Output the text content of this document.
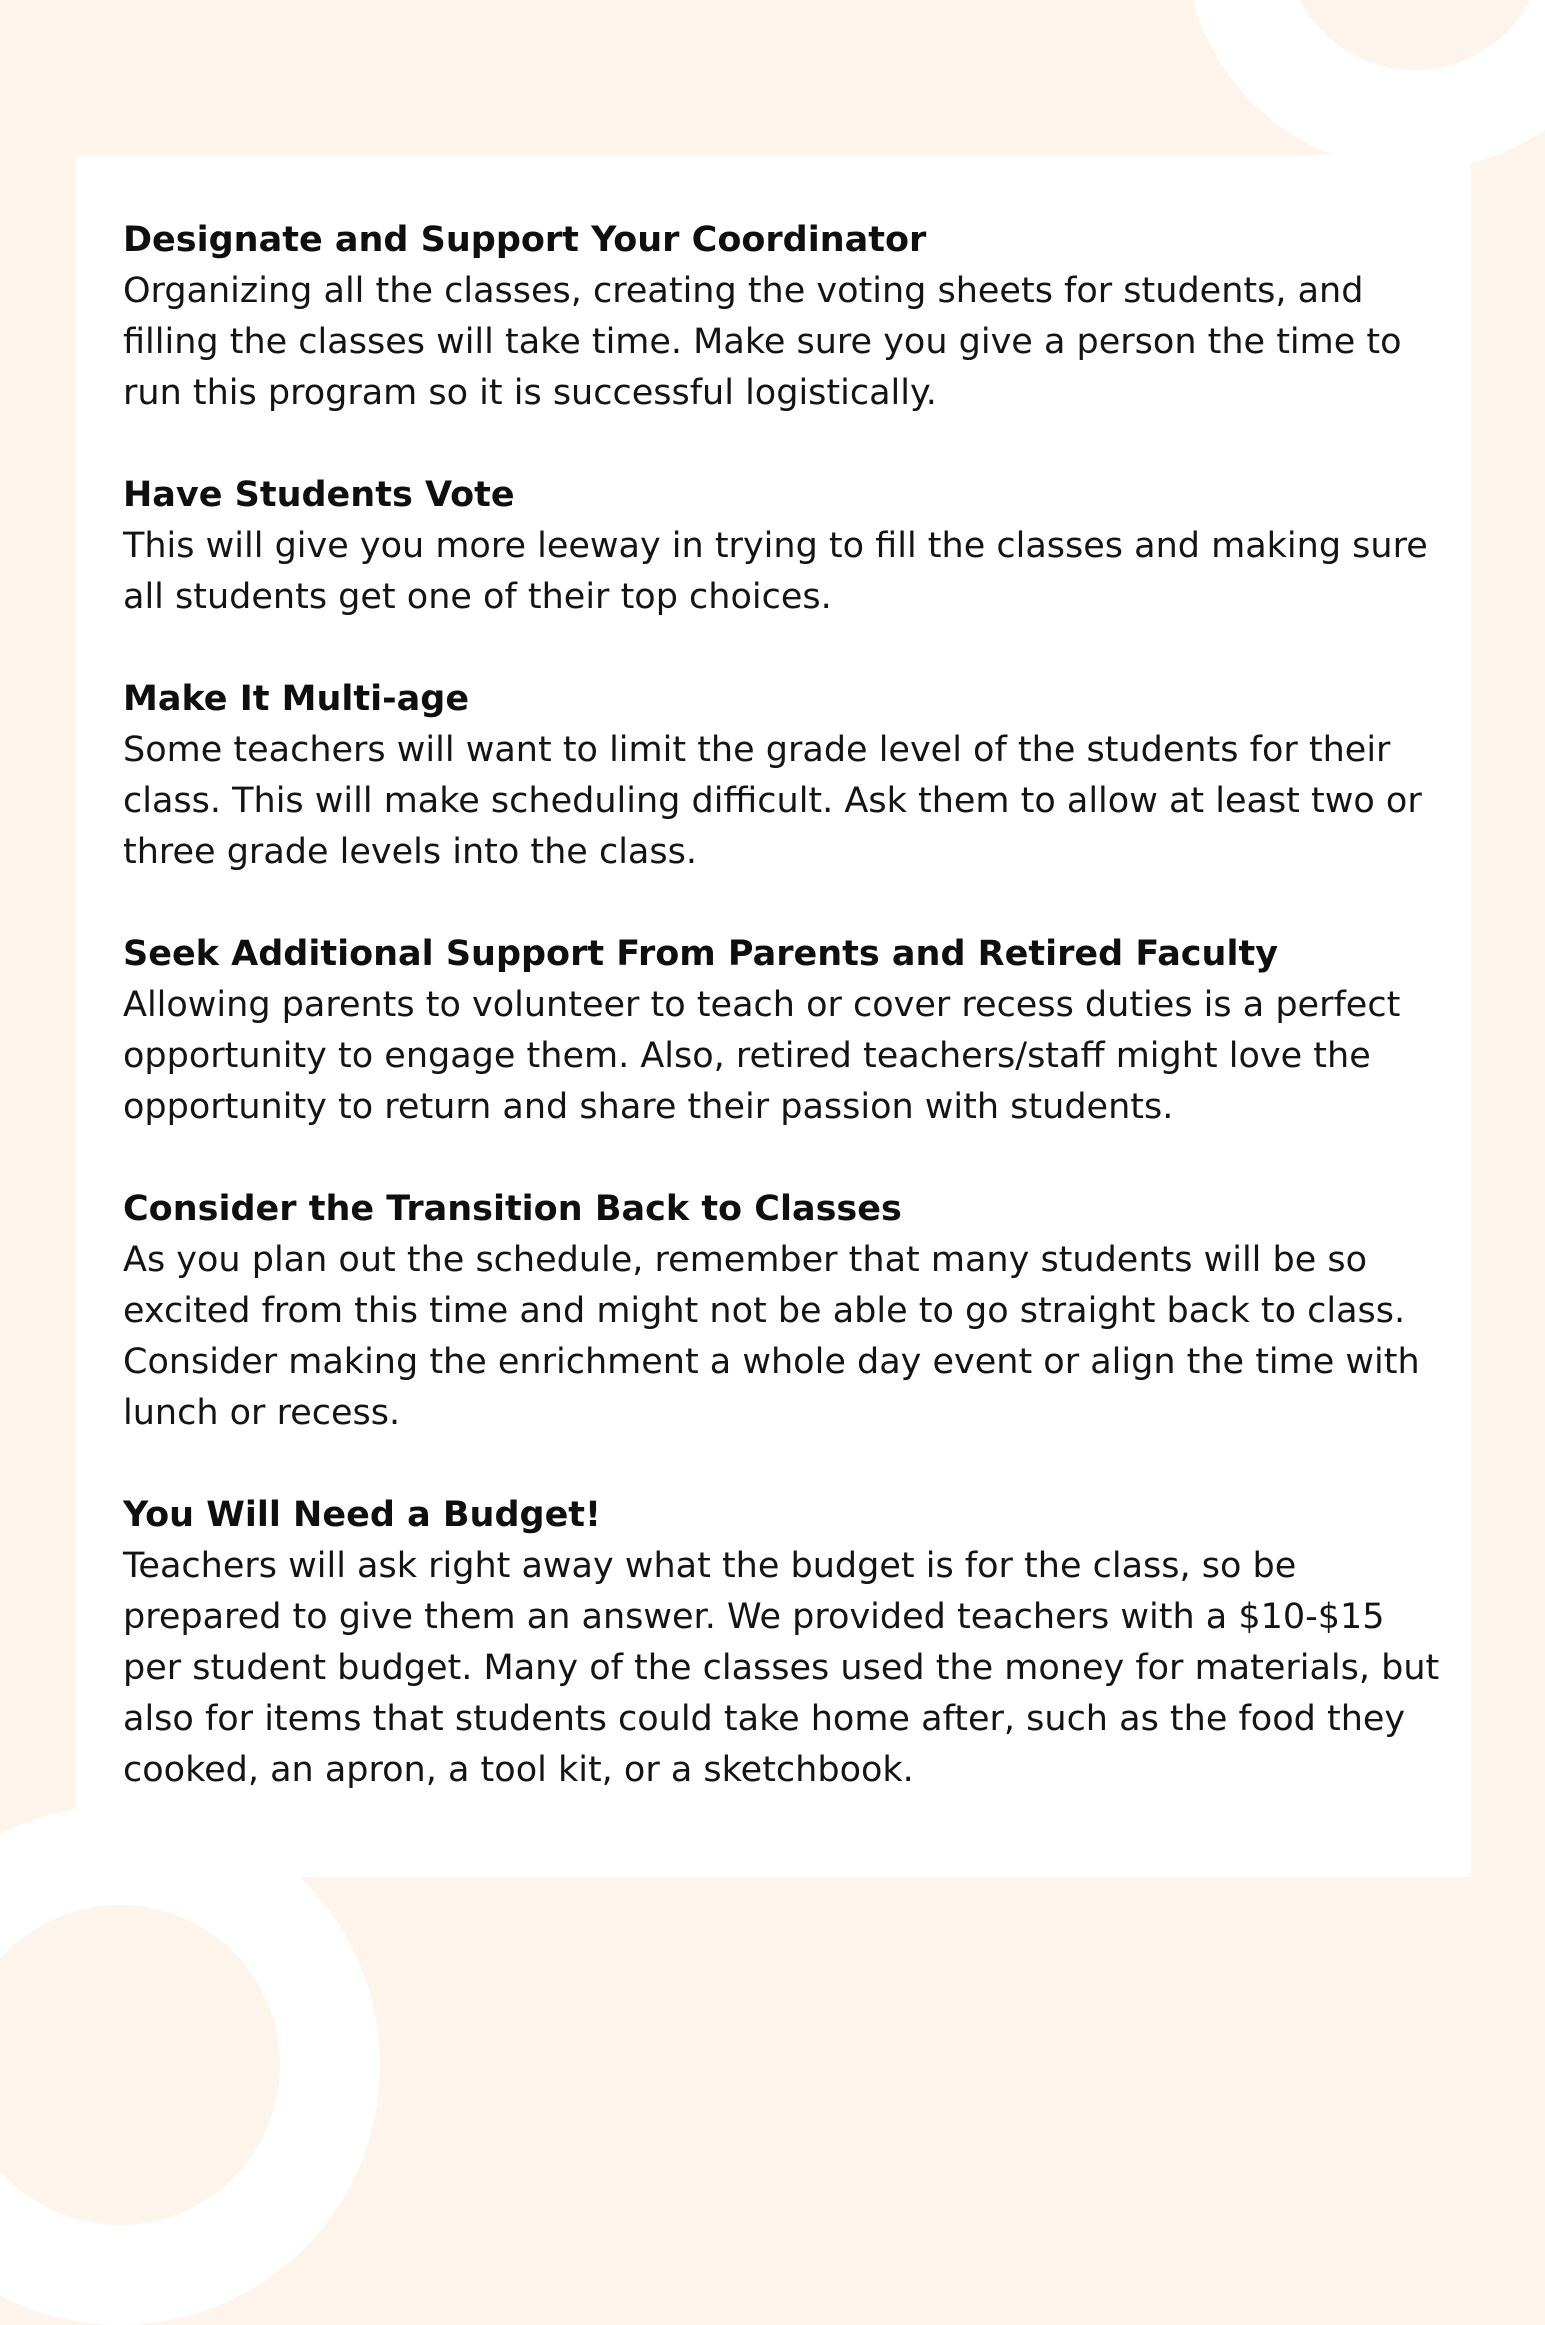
Designate and Support Your Coordinator

Organizing all the classes, creating the voting sheets for students, and filling the classes will take time. Make sure you give a person the time to run this program so it is successful logistically.

Have Students Vote

This will give you more leeway in trying to fill the classes and making sure all students get one of their top choices.

Make It Multi-age

Some teachers will want to limit the grade level of the students for their class. This will make scheduling difficult. Ask them to allow at least two or three grade levels into the class.

Seek Additional Support From Parents and Retired Faculty

Allowing parents to volunteer to teach or cover recess duties is a perfect opportunity to engage them. Also, retired teachers/staff might love the opportunity to return and share their passion with students.

Consider the Transition Back to Classes

As you plan out the schedule, remember that many students will be so excited from this time and might not be able to go straight back to class. Consider making the enrichment a whole day event or align the time with lunch or recess.

You Will Need a Budget!

Teachers will ask right away what the budget is for the class, so be prepared to give them an answer. We provided teachers with a $10-$15 per student budget. Many of the classes used the money for materials, but also for items that students could take home after, such as the food they cooked, an apron, a tool kit, or a sketchbook.
